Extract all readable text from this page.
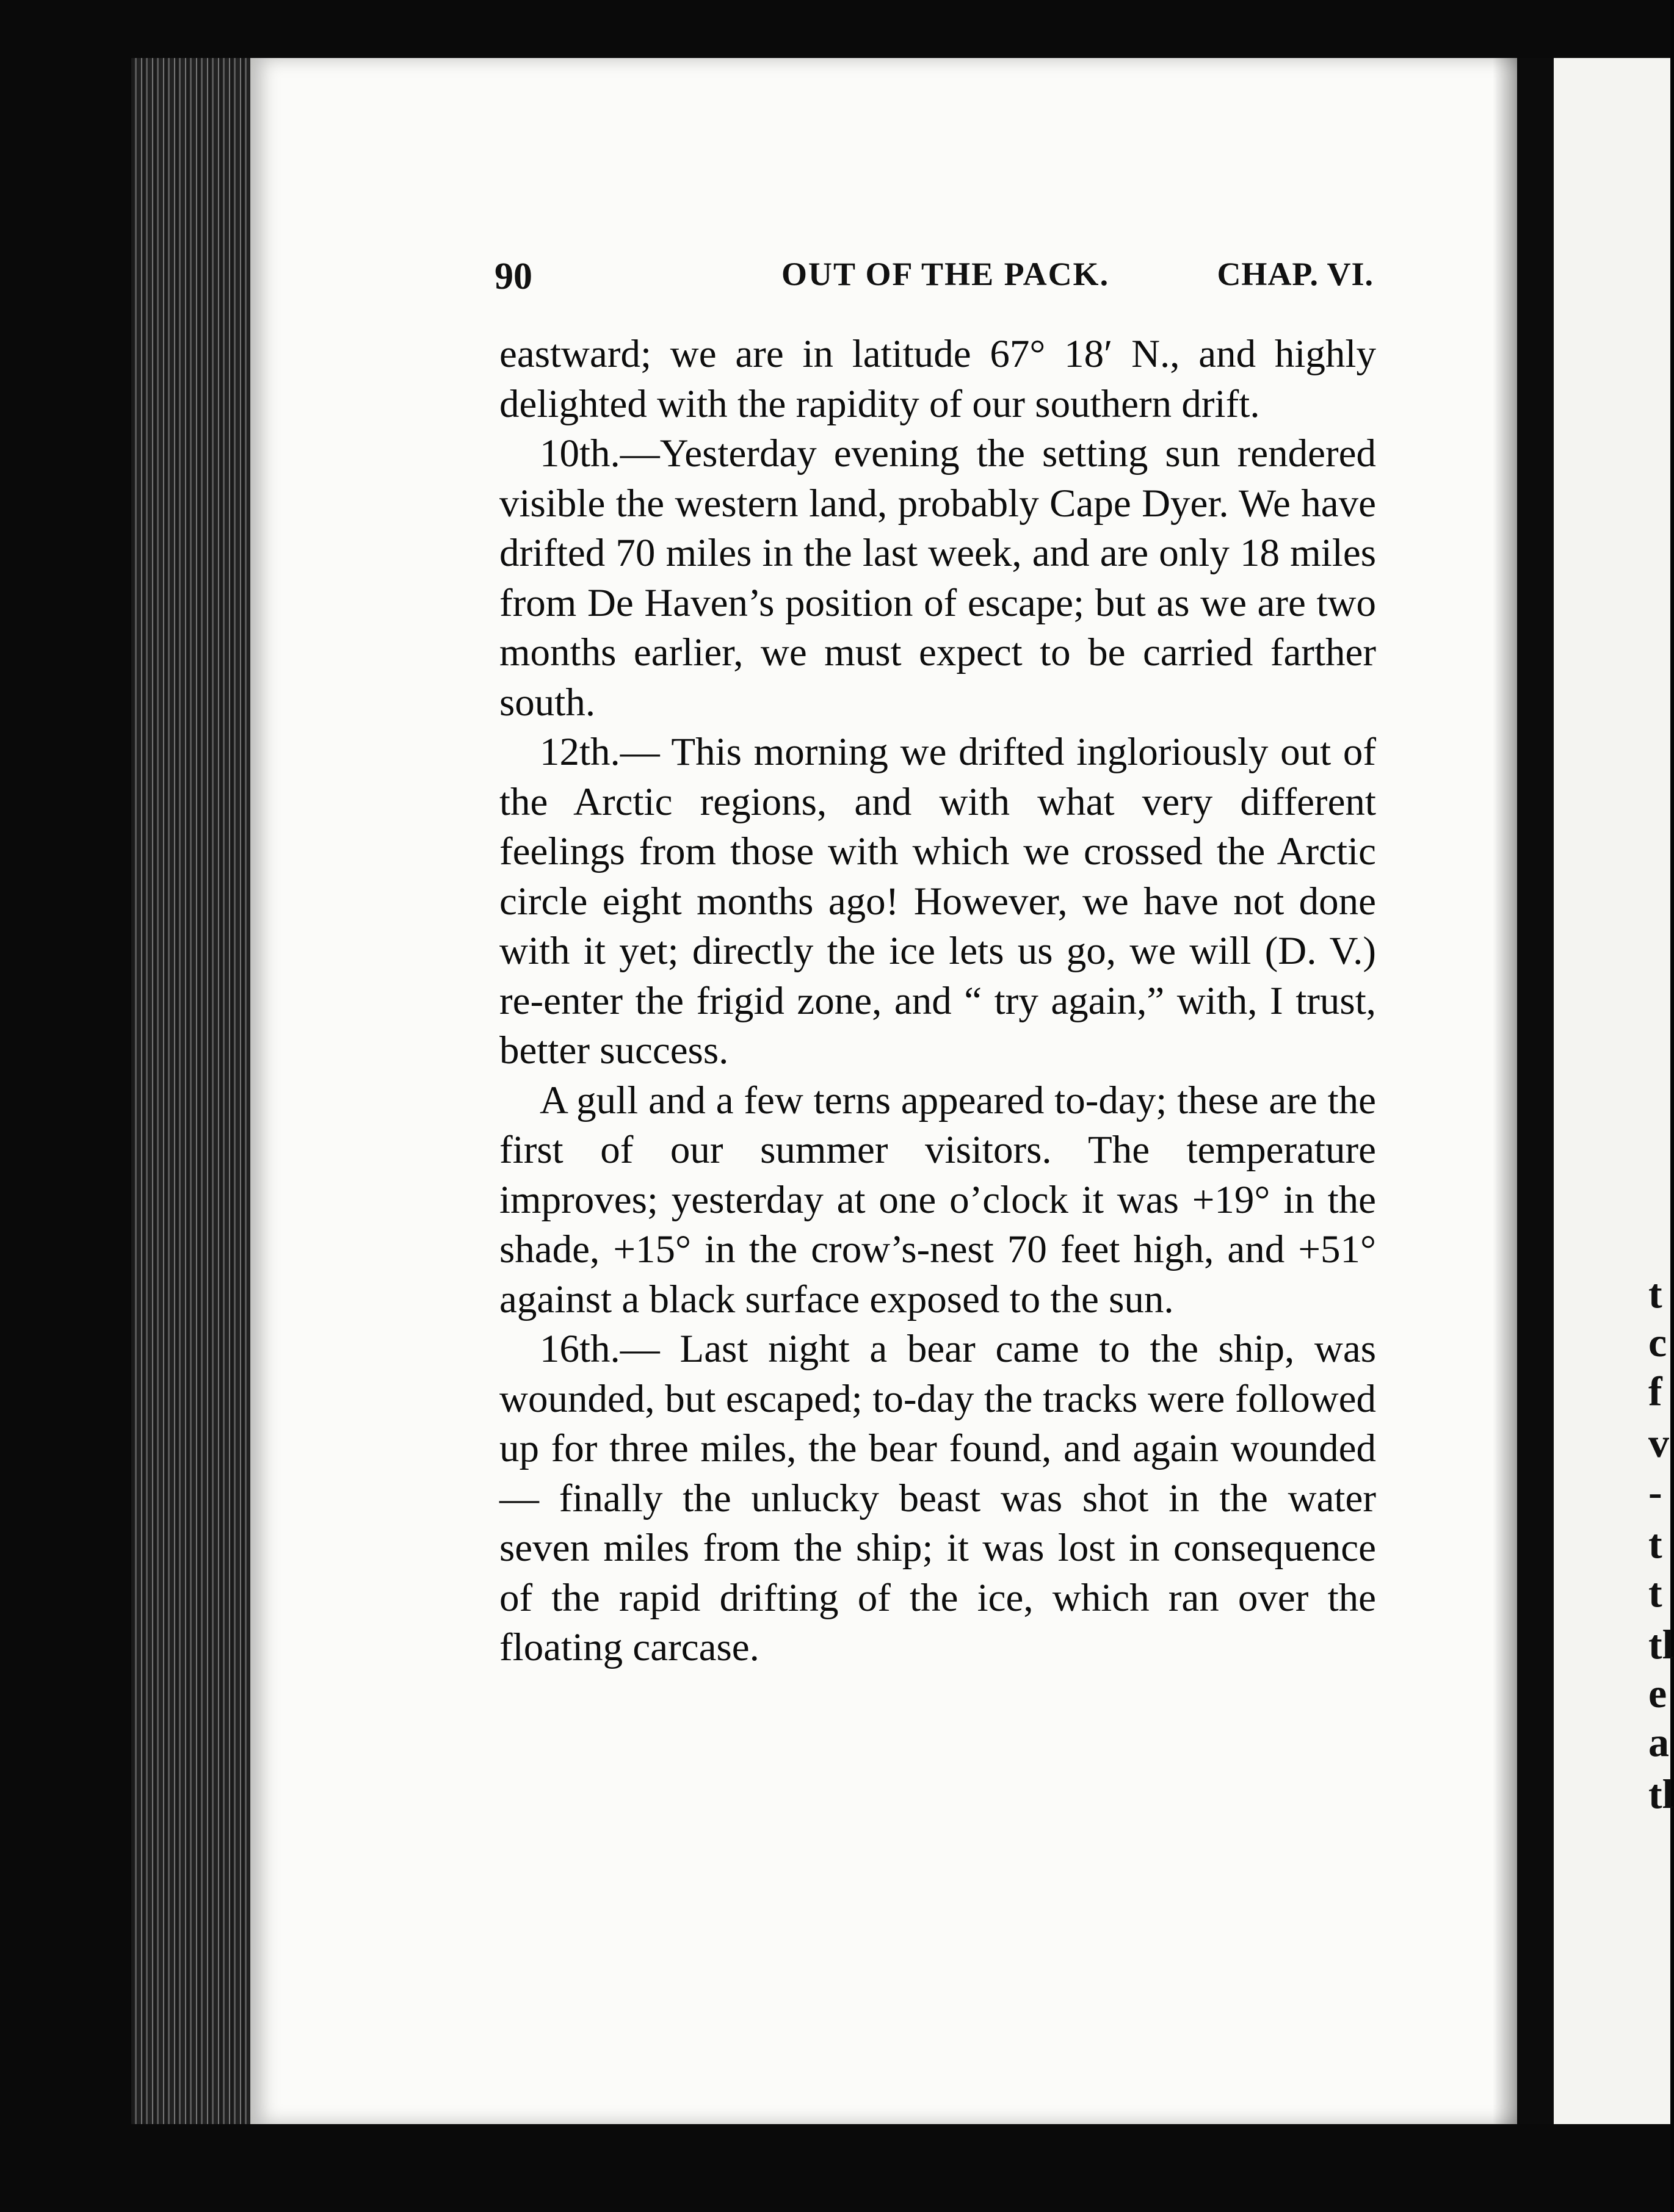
t
c
f
v
-
t
t
tl
e
a
tl
90	OUT OF THE PACK.	CHAP. VI.

eastward; we are in latitude 67° 18′ N., and highly delighted with the rapidity of our southern drift.

10th.—Yesterday evening the setting sun rendered visible the western land, probably Cape Dyer. We have drifted 70 miles in the last week, and are only 18 miles from De Haven’s position of escape; but as we are two months earlier, we must expect to be carried farther south.

12th.— This morning we drifted ingloriously out of the Arctic regions, and with what very different feelings from those with which we crossed the Arctic circle eight months ago! However, we have not done with it yet; directly the ice lets us go, we will (D. V.) re-enter the frigid zone, and “ try again,” with, I trust, better success.

A gull and a few terns appeared to-day; these are the first of our summer visitors. The temperature improves; yesterday at one o’clock it was +19° in the shade, +15° in the crow’s-nest 70 feet high, and +51° against a black surface exposed to the sun.

16th.— Last night a bear came to the ship, was wounded, but escaped; to-day the tracks were followed up for three miles, the bear found, and again wounded — finally the unlucky beast was shot in the water seven miles from the ship; it was lost in consequence of the rapid drifting of the ice, which ran over the floating carcase.
